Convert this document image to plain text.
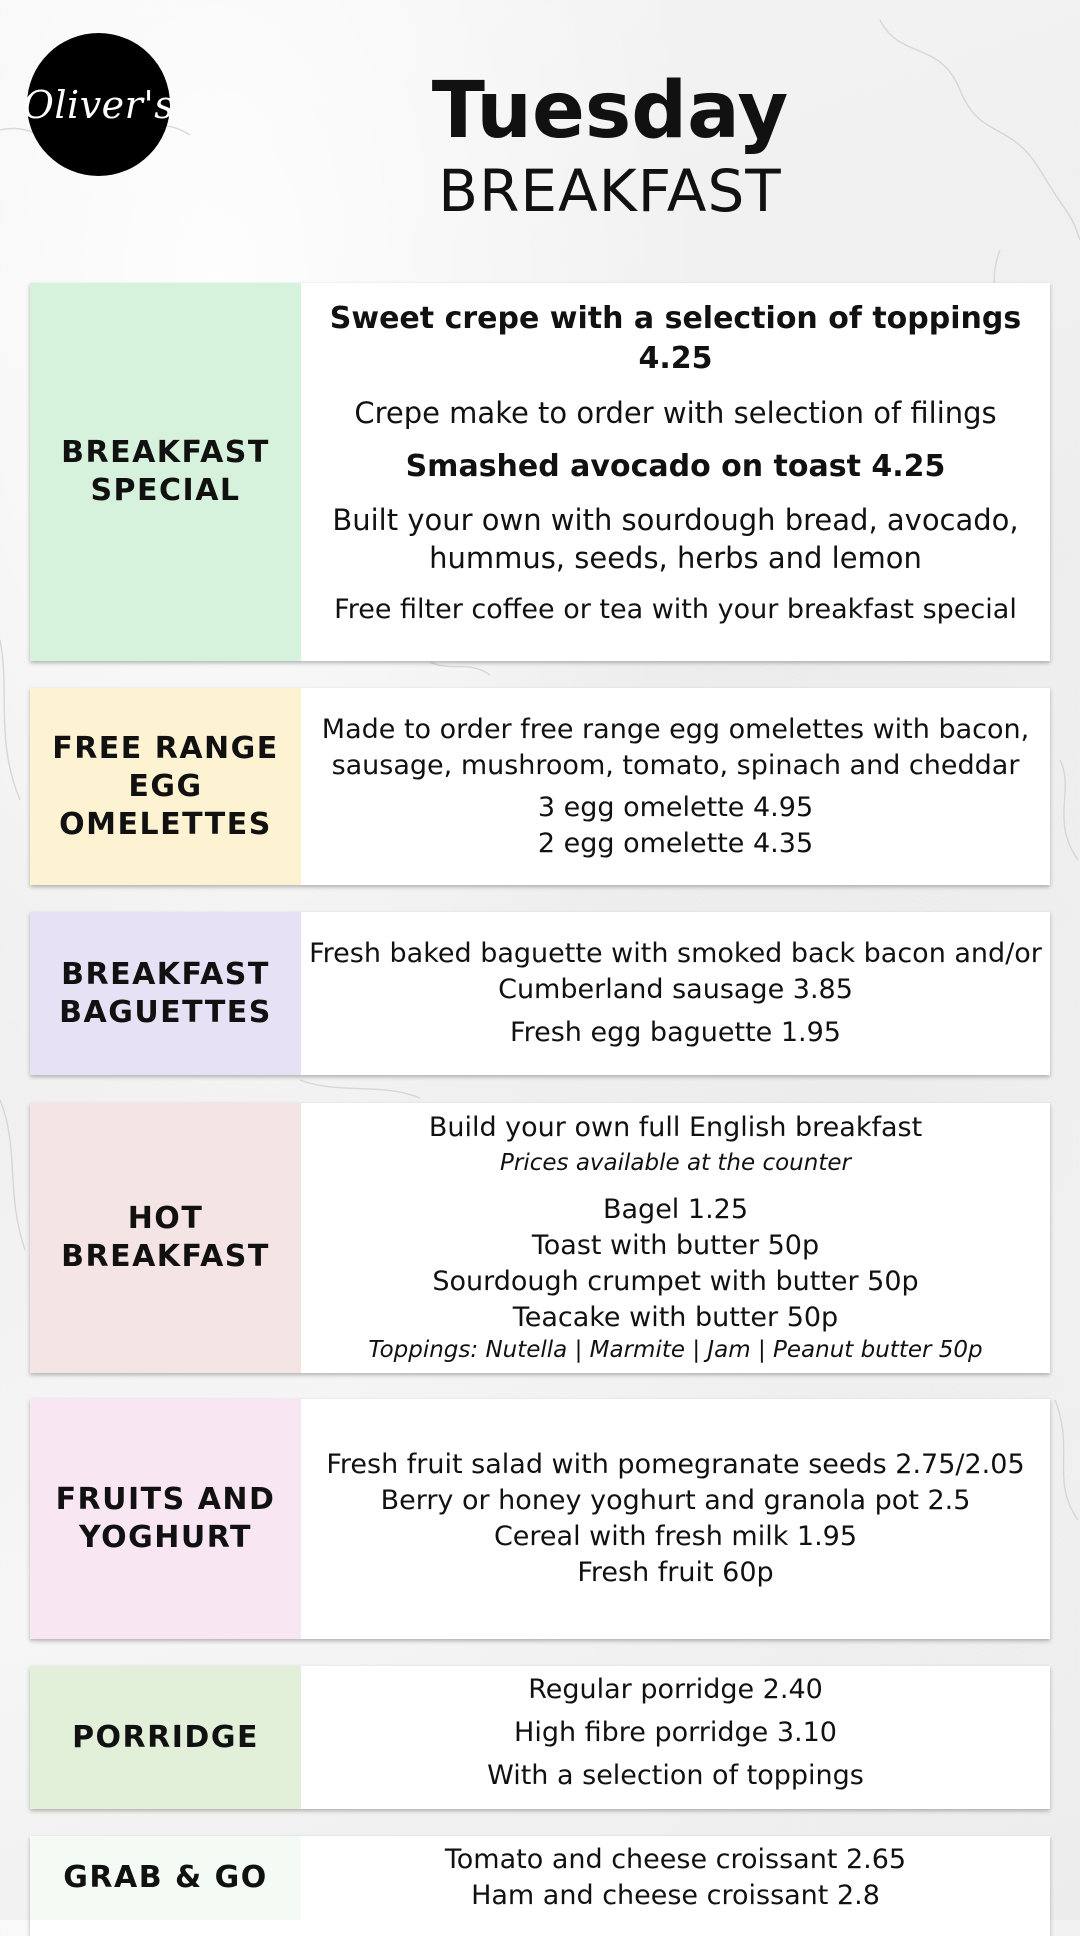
Oliver's	Tuesday
BREAKFAST
BREAKFAST
SPECIAL

Sweet crepe with a selection of toppings 4.25

Crepe make to order with selection of filings

Smashed avocado on toast 4.25

Built your own with sourdough bread, avocado,

hummus, seeds, herbs and lemon

Free filter coffee or tea with your breakfast special

FREE RANGE
EGG
OMELETTES

Made to order free range egg omelettes with bacon,

sausage, mushroom, tomato, spinach and cheddar

3 egg omelette 4.95

2 egg omelette 4.35

BREAKFAST
BAGUETTES

Fresh baked baguette with smoked back bacon and/or

Cumberland sausage 3.85

Fresh egg baguette 1.95

HOT
BREAKFAST

Build your own full English breakfast

Prices available at the counter

Bagel 1.25

Toast with butter 50p

Sourdough crumpet with butter 50p

Teacake with butter 50p

Toppings: Nutella | Marmite | Jam | Peanut butter 50p

FRUITS AND
YOGHURT

Fresh fruit salad with pomegranate seeds 2.75/2.05

Berry or honey yoghurt and granola pot 2.5

Cereal with fresh milk 1.95

Fresh fruit 60p

PORRIDGE

Regular porridge 2.40

High fibre porridge 3.10

With a selection of toppings

GRAB & GO

Tomato and cheese croissant 2.65

Ham and cheese croissant 2.8
